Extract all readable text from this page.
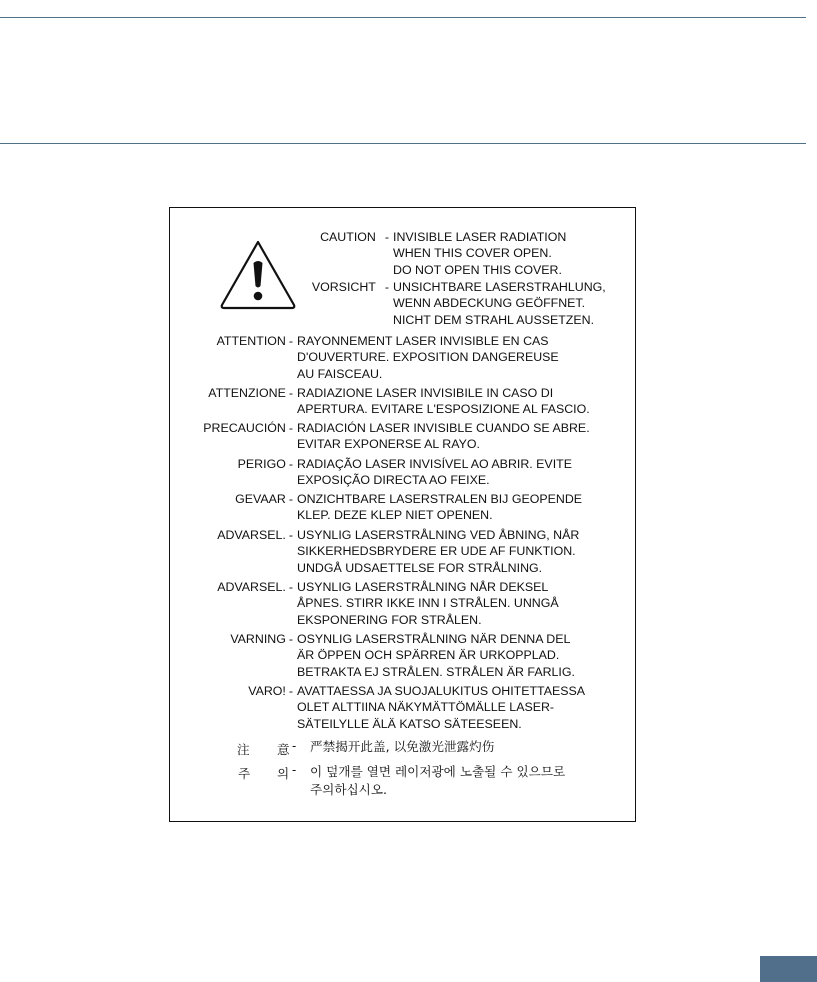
CAUTION - INVISIBLE LASER RADIATION
WHEN THIS COVER OPEN.
DO NOT OPEN THIS COVER.
VORSICHT - UNSICHTBARE LASERSTRAHLUNG,
WENN ABDECKUNG GEÖFFNET.
NICHT DEM STRAHL AUSSETZEN.
ATTENTION - RAYONNEMENT LASER INVISIBLE EN CAS
D'OUVERTURE. EXPOSITION DANGEREUSE
AU FAISCEAU.
ATTENZIONE - RADIAZIONE LASER INVISIBILE IN CASO DI
APERTURA. EVITARE L'ESPOSIZIONE AL FASCIO.
PRECAUCIÓN - RADIACIÓN LASER INVISIBLE CUANDO SE ABRE.
EVITAR EXPONERSE AL RAYO.
PERIGO - RADIAÇÃO LASER INVISÍVEL AO ABRIR. EVITE
EXPOSIÇÃO DIRECTA AO FEIXE.
GEVAAR - ONZICHTBARE LASERSTRALEN BIJ GEOPENDE
KLEP. DEZE KLEP NIET OPENEN.
ADVARSEL. - USYNLIG LASERSTRÅLNING VED ÅBNING, NÅR
SIKKERHEDSBRYDERE ER UDE AF FUNKTION.
UNDGÅ UDSAETTELSE FOR STRÅLNING.
ADVARSEL. - USYNLIG LASERSTRÅLNING NÅR DEKSEL
ÅPNES. STIRR IKKE INN I STRÅLEN. UNNGÅ
EKSPONERING FOR STRÅLEN.
VARNING - OSYNLIG LASERSTRÅLNING NÄR DENNA DEL
ÄR ÖPPEN OCH SPÄRREN ÄR URKOPPLAD.
BETRAKTA EJ STRÅLEN. STRÅLEN ÄR FARLIG.
VARO! - AVATTAESSA JA SUOJALUKITUS OHITETTAESSA
OLET ALTTIINA NÄKYMÄTTÖMÄLLE LASER-
SÄTEILYLLE ÄLÄ KATSO SÄTEESEEN.
注 意 - 严禁揭开此盖, 以免激光泄露灼伤
주 의 - 이 덮개를 열면 레이저광에 노출될 수 있으므로
주의하십시오.
